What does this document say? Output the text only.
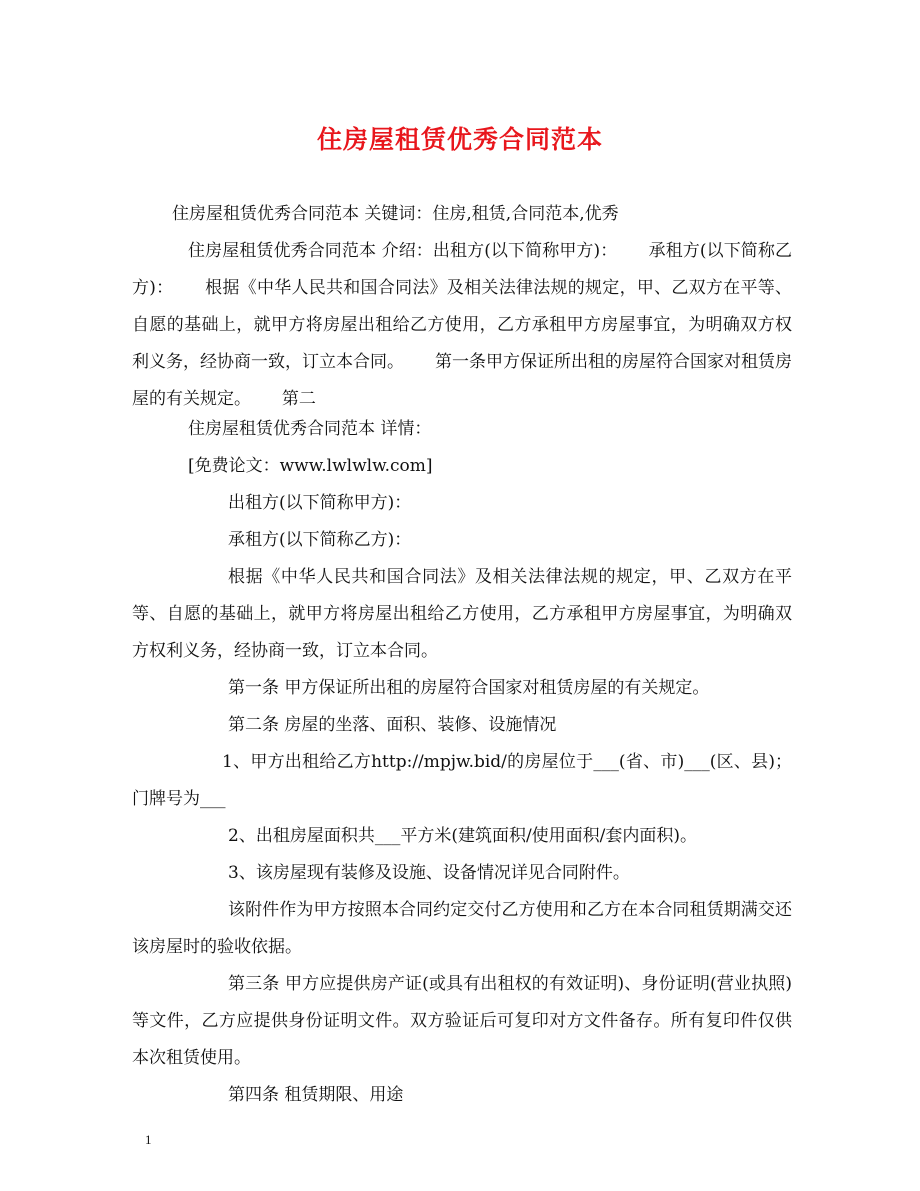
住房屋租赁优秀合同范本

住房屋租赁优秀合同范本 关键词：住房,租赁,合同范本,优秀

住房屋租赁优秀合同范本 介绍：出租方(以下简称甲方)：　　 承租方(以下简称乙方)：　　 根据《中华人民共和国合同法》及相关法律法规的规定，甲、乙双方在平等、自愿的基础上，就甲方将房屋出租给乙方使用，乙方承租甲方房屋事宜，为明确双方权利义务，经协商一致，订立本合同。　　 第一条甲方保证所出租的房屋符合国家对租赁房屋的有关规定。　　 第二

住房屋租赁优秀合同范本 详情：

[免费论文：www.lwlwlw.com]

出租方(以下简称甲方)：

承租方(以下简称乙方)：

根据《中华人民共和国合同法》及相关法律法规的规定，甲、乙双方在平等、自愿的基础上，就甲方将房屋出租给乙方使用，乙方承租甲方房屋事宜，为明确双方权利义务，经协商一致，订立本合同。

第一条 甲方保证所出租的房屋符合国家对租赁房屋的有关规定。

第二条 房屋的坐落、面积、装修、设施情况

1、甲方出租给乙方http://mpjw.bid/的房屋位于___(省、市)___(区、县)；门牌号为___

2、出租房屋面积共___平方米(建筑面积/使用面积/套内面积)。

3、该房屋现有装修及设施、设备情况详见合同附件。

该附件作为甲方按照本合同约定交付乙方使用和乙方在本合同租赁期满交还该房屋时的验收依据。

第三条 甲方应提供房产证(或具有出租权的有效证明)、身份证明(营业执照)等文件，乙方应提供身份证明文件。双方验证后可复印对方文件备存。所有复印件仅供本次租赁使用。

第四条 租赁期限、用途

1
